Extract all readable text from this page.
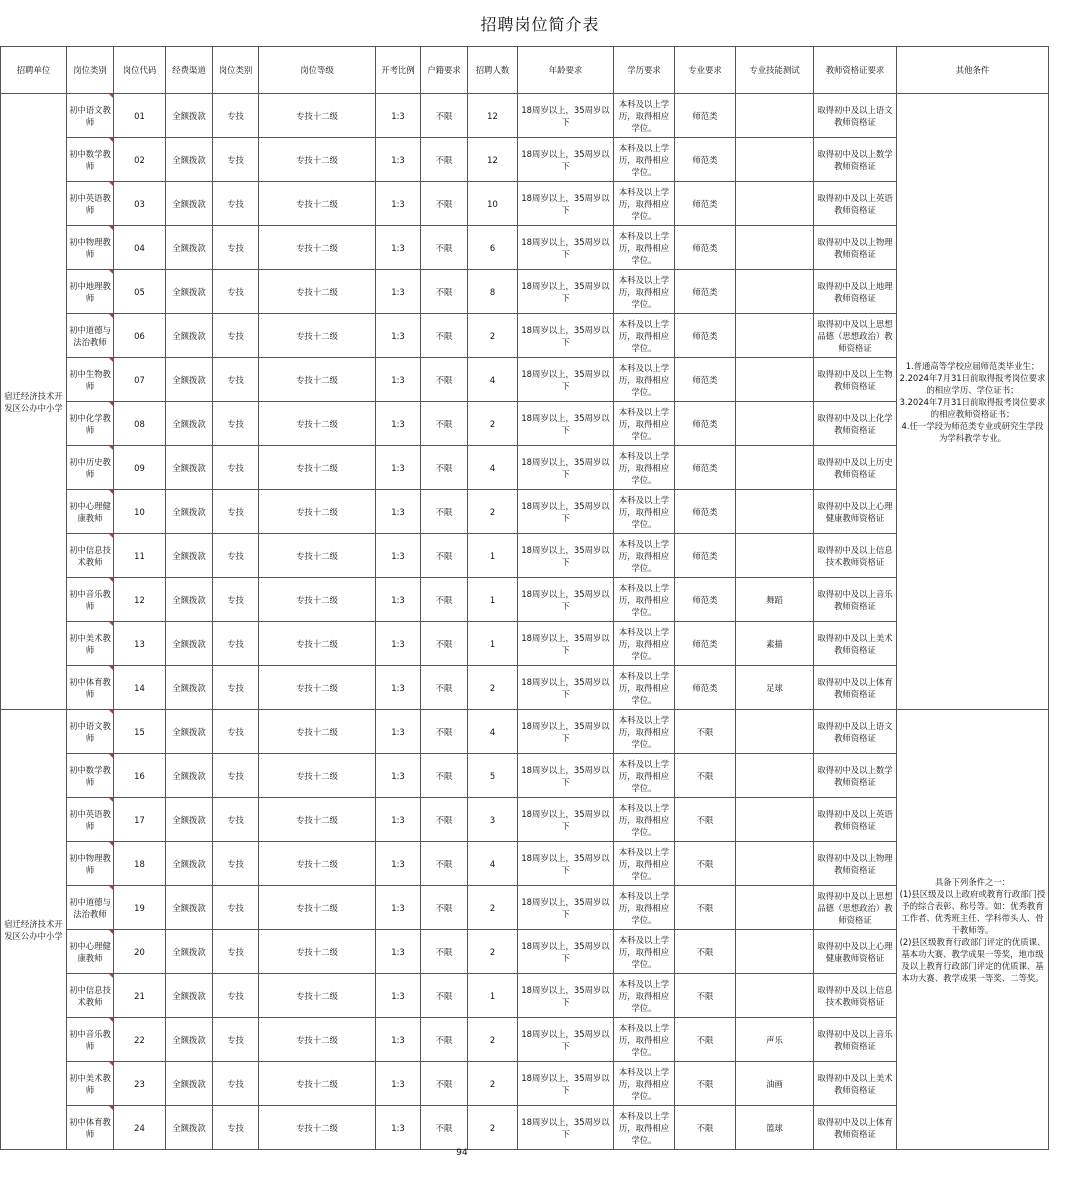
招聘岗位简介表
招聘单位	岗位类别	岗位代码	经费渠道	岗位类别	岗位等级	开考比例	户籍要求	招聘人数	年龄要求	学历要求	专业要求	专业技能测试	教师资格证要求	其他条件
宿迁经济技术开发区公办中小学	初中语文教师	01	全额拨款	专技	专技十二级	1:3	不限	12	18周岁以上，35周岁以下	本科及以上学历，取得相应学位。	师范类		取得初中及以上语文教师资格证	1.普通高等学校应届师范类毕业生；
2.2024年7月31日前取得报考岗位要求的相应学历、学位证书；
3.2024年7月31日前取得报考岗位要求的相应教师资格证书；
4.任一学段为师范类专业或研究生学段为学科教学专业。
	初中数学教师	02	全额拨款	专技	专技十二级	1:3	不限	12	18周岁以上，35周岁以下	本科及以上学历，取得相应学位。	师范类		取得初中及以上数学教师资格证	
	初中英语教师	03	全额拨款	专技	专技十二级	1:3	不限	10	18周岁以上，35周岁以下	本科及以上学历，取得相应学位。	师范类		取得初中及以上英语教师资格证	
	初中物理教师	04	全额拨款	专技	专技十二级	1:3	不限	6	18周岁以上，35周岁以下	本科及以上学历，取得相应学位。	师范类		取得初中及以上物理教师资格证	
	初中地理教师	05	全额拨款	专技	专技十二级	1:3	不限	8	18周岁以上，35周岁以下	本科及以上学历，取得相应学位。	师范类		取得初中及以上地理教师资格证	
	初中道德与法治教师	06	全额拨款	专技	专技十二级	1:3	不限	2	18周岁以上，35周岁以下	本科及以上学历，取得相应学位。	师范类		取得初中及以上思想品德（思想政治）教师资格证	
	初中生物教师	07	全额拨款	专技	专技十二级	1:3	不限	4	18周岁以上，35周岁以下	本科及以上学历，取得相应学位。	师范类		取得初中及以上生物教师资格证	
	初中化学教师	08	全额拨款	专技	专技十二级	1:3	不限	2	18周岁以上，35周岁以下	本科及以上学历，取得相应学位。	师范类		取得初中及以上化学教师资格证	
	初中历史教师	09	全额拨款	专技	专技十二级	1:3	不限	4	18周岁以上，35周岁以下	本科及以上学历，取得相应学位。	师范类		取得初中及以上历史教师资格证	
	初中心理健康教师	10	全额拨款	专技	专技十二级	1:3	不限	2	18周岁以上，35周岁以下	本科及以上学历，取得相应学位。	师范类		取得初中及以上心理健康教师资格证	
	初中信息技术教师	11	全额拨款	专技	专技十二级	1:3	不限	1	18周岁以上，35周岁以下	本科及以上学历，取得相应学位。	师范类		取得初中及以上信息技术教师资格证	
	初中音乐教师	12	全额拨款	专技	专技十二级	1:3	不限	1	18周岁以上，35周岁以下	本科及以上学历，取得相应学位。	师范类	舞蹈	取得初中及以上音乐教师资格证	
	初中美术教师	13	全额拨款	专技	专技十二级	1:3	不限	1	18周岁以上，35周岁以下	本科及以上学历，取得相应学位。	师范类	素描	取得初中及以上美术教师资格证	
	初中体育教师	14	全额拨款	专技	专技十二级	1:3	不限	2	18周岁以上，35周岁以下	本科及以上学历，取得相应学位。	师范类	足球	取得初中及以上体育教师资格证	
宿迁经济技术开发区公办中小学	初中语文教师	15	全额拨款	专技	专技十二级	1:3	不限	4	18周岁以上，35周岁以下	本科及以上学历，取得相应学位。	不限		取得初中及以上语文教师资格证	具备下列条件之一：
(1)县区级及以上政府或教育行政部门授予的综合表彰、称号等。如：优秀教育工作者、优秀班主任、学科带头人、骨干教师等。
(2)县区级教育行政部门评定的优质课、基本功大赛、教学成果一等奖，地市级及以上教育行政部门评定的优质课、基本功大赛、教学成果一等奖、二等奖。
	初中数学教师	16	全额拨款	专技	专技十二级	1:3	不限	5	18周岁以上，35周岁以下	本科及以上学历，取得相应学位。	不限		取得初中及以上数学教师资格证	
	初中英语教师	17	全额拨款	专技	专技十二级	1:3	不限	3	18周岁以上，35周岁以下	本科及以上学历，取得相应学位。	不限		取得初中及以上英语教师资格证	
	初中物理教师	18	全额拨款	专技	专技十二级	1:3	不限	4	18周岁以上，35周岁以下	本科及以上学历，取得相应学位。	不限		取得初中及以上物理教师资格证	
	初中道德与法治教师	19	全额拨款	专技	专技十二级	1:3	不限	2	18周岁以上，35周岁以下	本科及以上学历，取得相应学位。	不限		取得初中及以上思想品德（思想政治）教师资格证	
	初中心理健康教师	20	全额拨款	专技	专技十二级	1:3	不限	2	18周岁以上，35周岁以下	本科及以上学历，取得相应学位。	不限		取得初中及以上心理健康教师资格证	
	初中信息技术教师	21	全额拨款	专技	专技十二级	1:3	不限	1	18周岁以上，35周岁以下	本科及以上学历，取得相应学位。	不限		取得初中及以上信息技术教师资格证	
	初中音乐教师	22	全额拨款	专技	专技十二级	1:3	不限	2	18周岁以上，35周岁以下	本科及以上学历，取得相应学位。	不限	声乐	取得初中及以上音乐教师资格证	
	初中美术教师	23	全额拨款	专技	专技十二级	1:3	不限	2	18周岁以上，35周岁以下	本科及以上学历，取得相应学位。	不限	油画	取得初中及以上美术教师资格证	
	初中体育教师	24	全额拨款	专技	专技十二级	1:3	不限	2	18周岁以上，35周岁以下	本科及以上学历，取得相应学位。	不限	篮球	取得初中及以上体育教师资格证	
94
